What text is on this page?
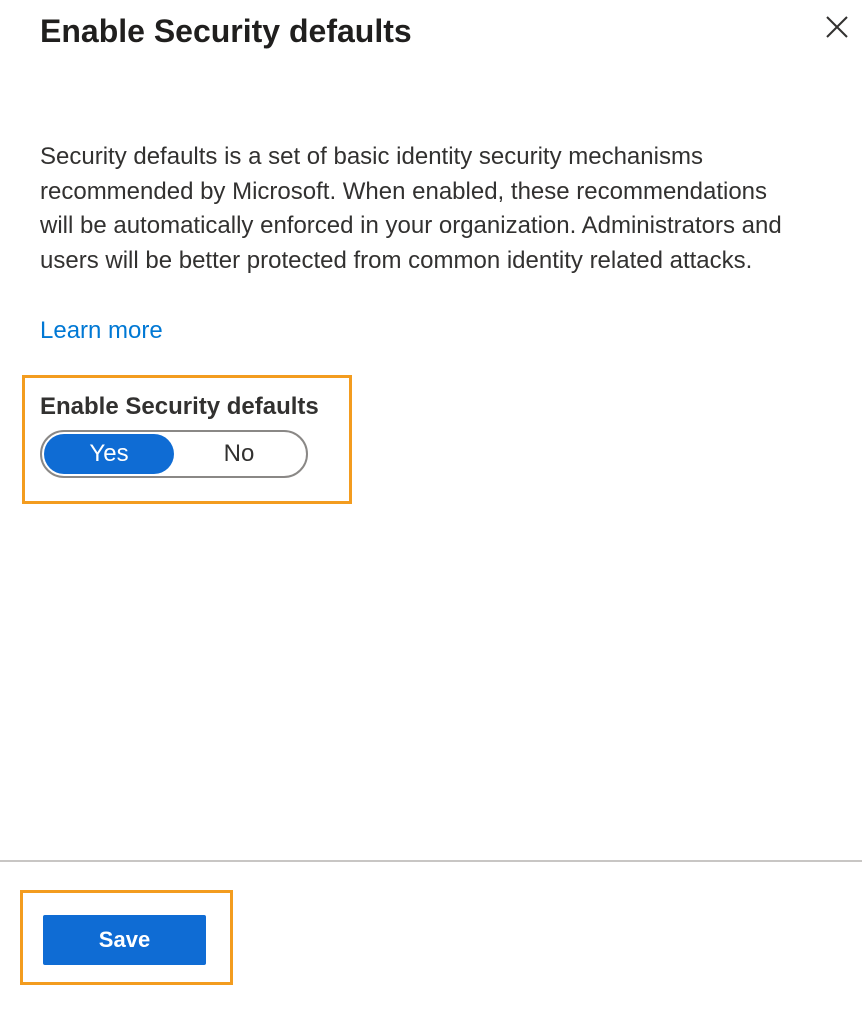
Enable Security defaults

Security defaults is a set of basic identity security mechanisms recommended by Microsoft. When enabled, these recommendations will be automatically enforced in your organization. Administrators and users will be better protected from common identity related attacks.

Learn more
Enable Security defaults
Yes	No
Save
